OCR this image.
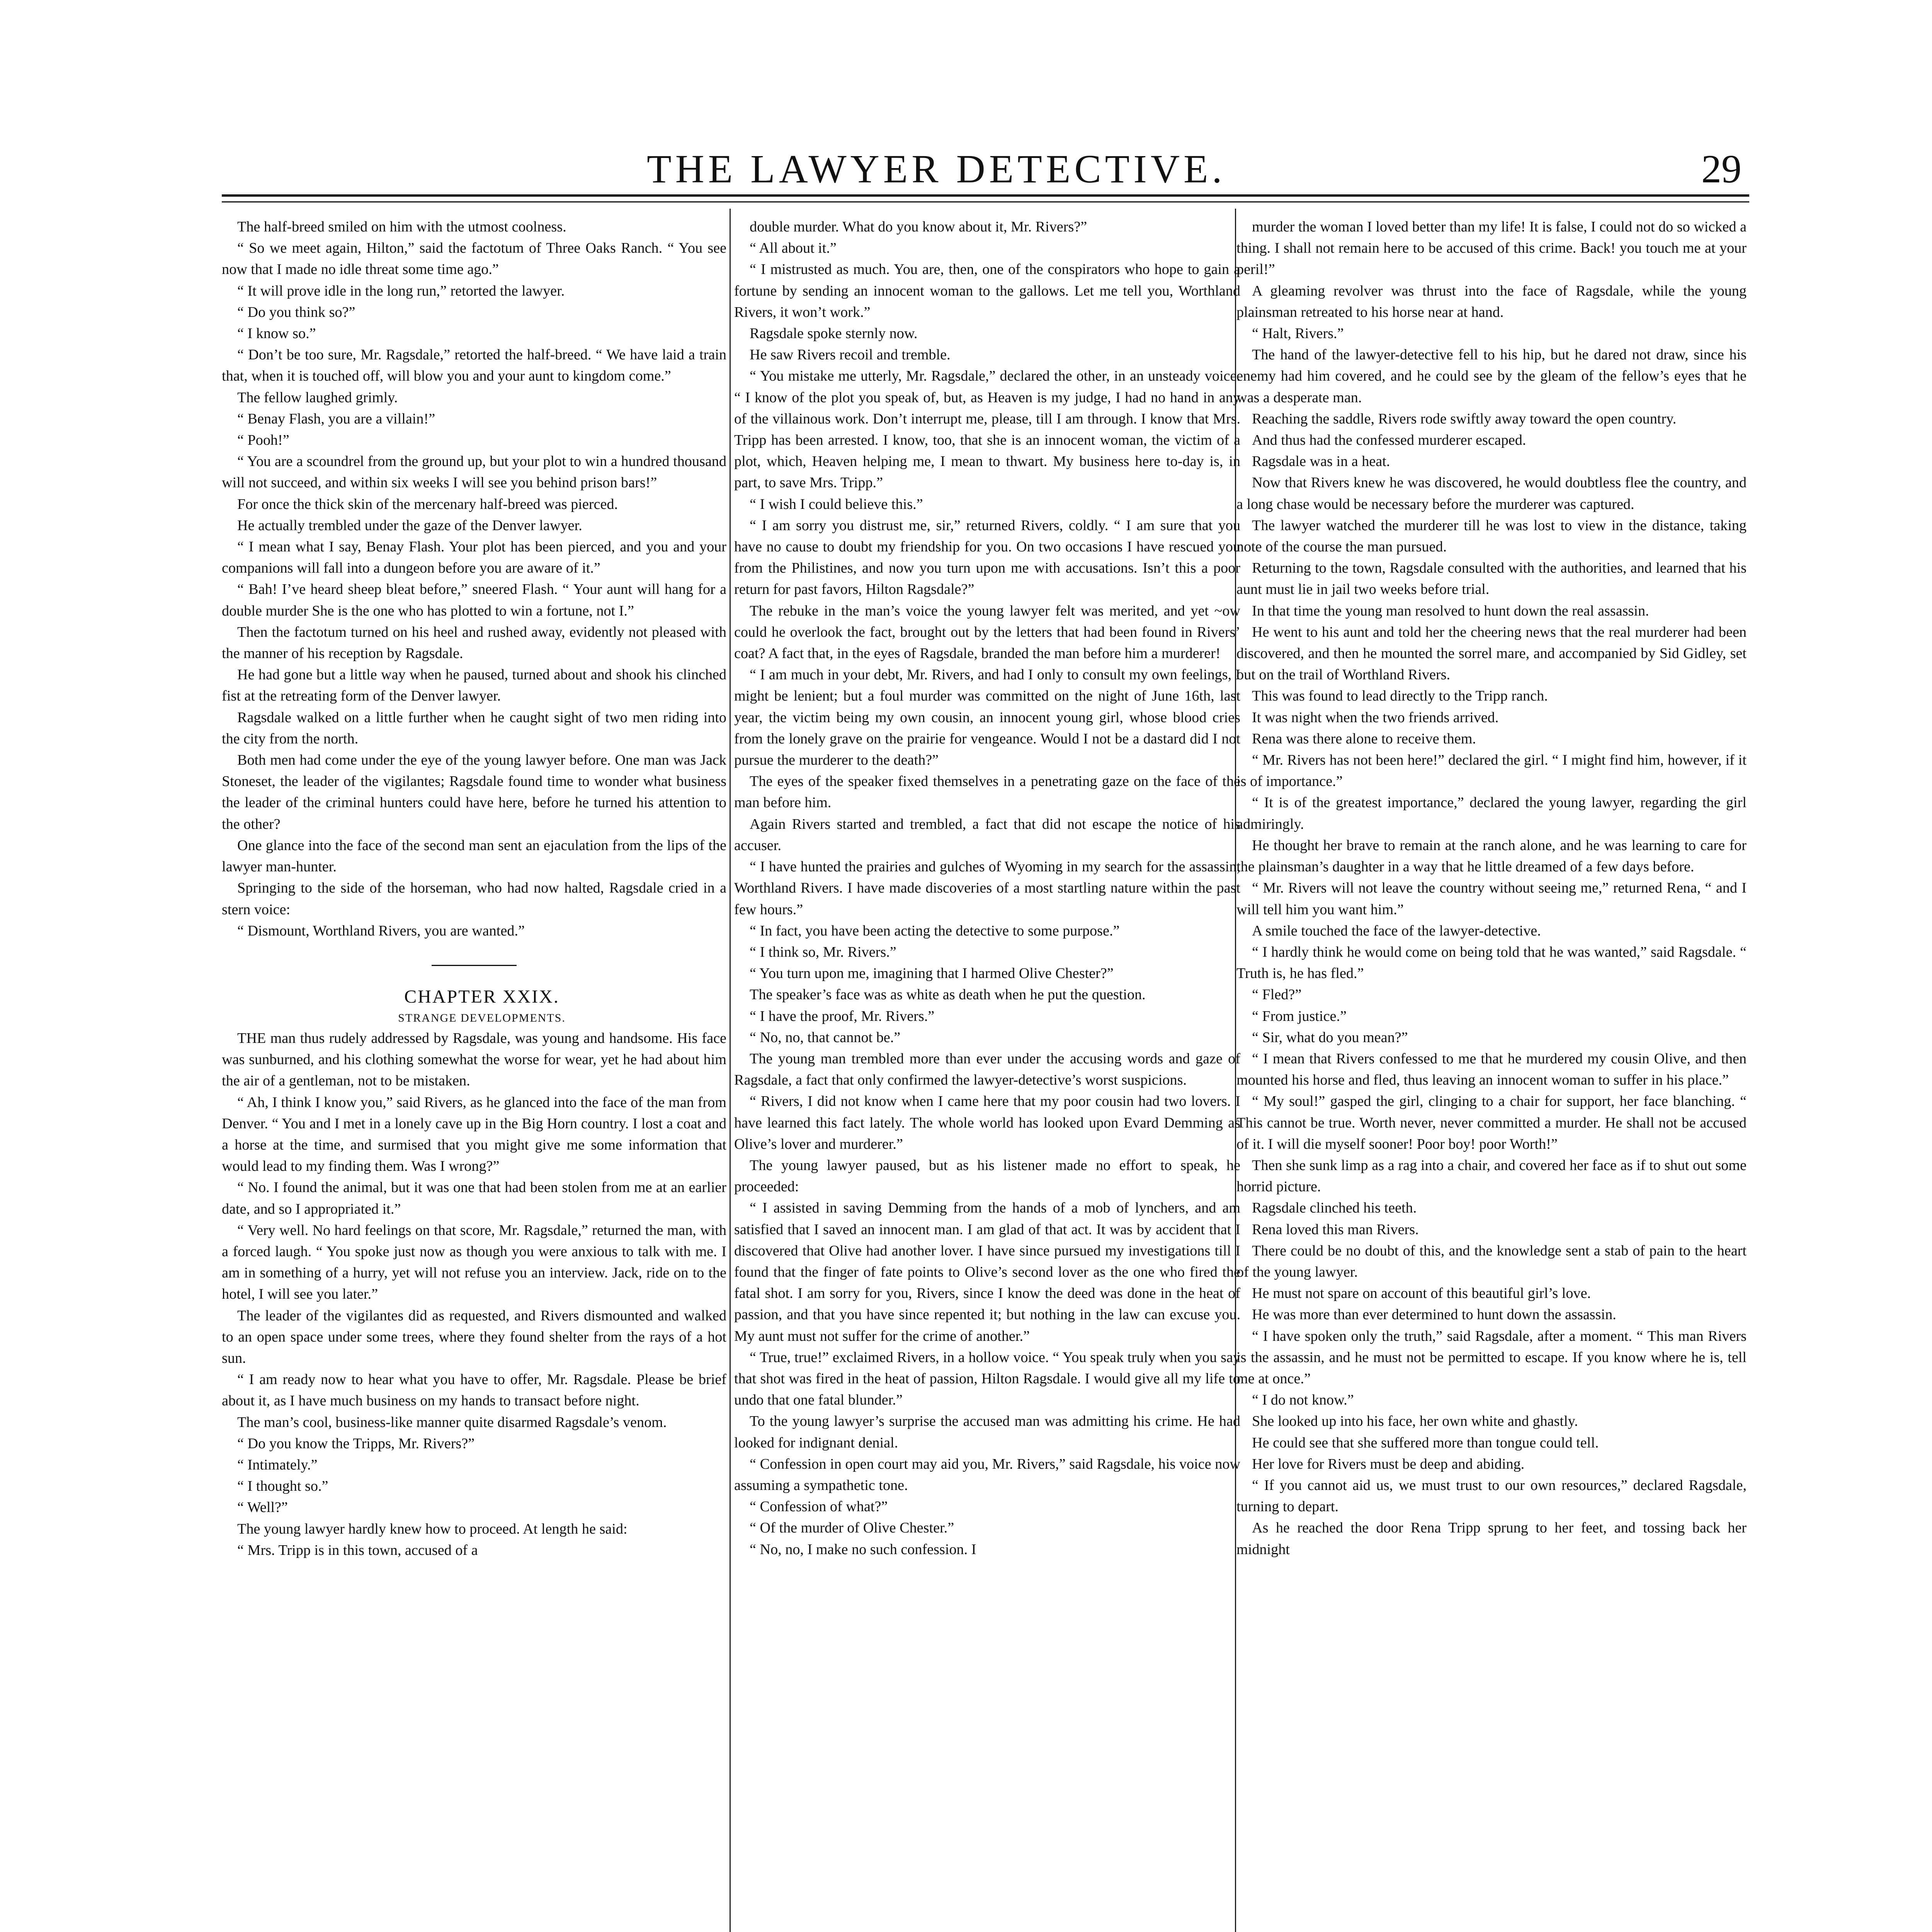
THE LAWYER DETECTIVE.	29

The half-breed smiled on him with the utmost coolness.

“ So we meet again, Hilton,” said the factotum of Three Oaks Ranch. “ You see now that I made no idle threat some time ago.”

“ It will prove idle in the long run,” retorted the lawyer.

“ Do you think so?”

“ I know so.”

“ Don’t be too sure, Mr. Ragsdale,” retorted the half-breed. “ We have laid a train that, when it is touched off, will blow you and your aunt to kingdom come.”

The fellow laughed grimly.

“ Benay Flash, you are a villain!”

“ Pooh!”

“ You are a scoundrel from the ground up, but your plot to win a hundred thousand will not succeed, and within six weeks I will see you behind prison bars!”

For once the thick skin of the mercenary half-breed was pierced.

He actually trembled under the gaze of the Denver lawyer.

“ I mean what I say, Benay Flash. Your plot has been pierced, and you and your companions will fall into a dungeon before you are aware of it.”

“ Bah! I’ve heard sheep bleat before,” sneered Flash. “ Your aunt will hang for a double murder She is the one who has plotted to win a fortune, not I.”

Then the factotum turned on his heel and rushed away, evidently not pleased with the manner of his reception by Ragsdale.

He had gone but a little way when he paused, turned about and shook his clinched fist at the retreating form of the Denver lawyer.

Ragsdale walked on a little further when he caught sight of two men riding into the city from the north.

Both men had come under the eye of the young lawyer before. One man was Jack Stoneset, the leader of the vigilantes; Ragsdale found time to wonder what business the leader of the criminal hunters could have here, before he turned his attention to the other?

One glance into the face of the second man sent an ejaculation from the lips of the lawyer man-hunter.

Springing to the side of the horseman, who had now halted, Ragsdale cried in a stern voice:

“ Dismount, Worthland Rivers, you are wanted.”

CHAPTER XXIX.

STRANGE DEVELOPMENTS.

THE man thus rudely addressed by Ragsdale, was young and handsome. His face was sunburned, and his clothing somewhat the worse for wear, yet he had about him the air of a gentleman, not to be mistaken.

“ Ah, I think I know you,” said Rivers, as he glanced into the face of the man from Denver. “ You and I met in a lonely cave up in the Big Horn country. I lost a coat and a horse at the time, and surmised that you might give me some information that would lead to my finding them. Was I wrong?”

“ No. I found the animal, but it was one that had been stolen from me at an earlier date, and so I appropriated it.”

“ Very well. No hard feelings on that score, Mr. Ragsdale,” returned the man, with a forced laugh. “ You spoke just now as though you were anxious to talk with me. I am in something of a hurry, yet will not refuse you an interview. Jack, ride on to the hotel, I will see you later.”

The leader of the vigilantes did as requested, and Rivers dismounted and walked to an open space under some trees, where they found shelter from the rays of a hot sun.

“ I am ready now to hear what you have to offer, Mr. Ragsdale. Please be brief about it, as I have much business on my hands to transact before night.

The man’s cool, business-like manner quite disarmed Ragsdale’s venom.

“ Do you know the Tripps, Mr. Rivers?”

“ Intimately.”

“ I thought so.”

“ Well?”

The young lawyer hardly knew how to proceed. At length he said:

“ Mrs. Tripp is in this town, accused of a

double murder. What do you know about it, Mr. Rivers?”

“ All about it.”

“ I mistrusted as much. You are, then, one of the conspirators who hope to gain a fortune by sending an innocent woman to the gallows. Let me tell you, Worthland Rivers, it won’t work.”

Ragsdale spoke sternly now.

He saw Rivers recoil and tremble.

“ You mistake me utterly, Mr. Ragsdale,” declared the other, in an unsteady voice. “ I know of the plot you speak of, but, as Heaven is my judge, I had no hand in any of the villainous work. Don’t interrupt me, please, till I am through. I know that Mrs. Tripp has been arrested. I know, too, that she is an innocent woman, the victim of a plot, which, Heaven helping me, I mean to thwart. My business here to-day is, in part, to save Mrs. Tripp.”

“ I wish I could believe this.”

“ I am sorry you distrust me, sir,” returned Rivers, coldly. “ I am sure that you have no cause to doubt my friendship for you. On two occasions I have rescued you from the Philistines, and now you turn upon me with accusations. Isn’t this a poor return for past favors, Hilton Ragsdale?”

The rebuke in the man’s voice the young lawyer felt was merited, and yet ~ow could he overlook the fact, brought out by the letters that had been found in Rivers’ coat? A fact that, in the eyes of Ragsdale, branded the man before him a murderer!

“ I am much in your debt, Mr. Rivers, and had I only to consult my own feelings, I might be lenient; but a foul murder was committed on the night of June 16th, last year, the victim being my own cousin, an innocent young girl, whose blood cries from the lonely grave on the prairie for vengeance. Would I not be a dastard did I not pursue the murderer to the death?”

The eyes of the speaker fixed themselves in a penetrating gaze on the face of the man before him.

Again Rivers started and trembled, a fact that did not escape the notice of his accuser.

“ I have hunted the prairies and gulches of Wyoming in my search for the assassin, Worthland Rivers. I have made discoveries of a most startling nature within the past few hours.”

“ In fact, you have been acting the detective to some purpose.”

“ I think so, Mr. Rivers.”

“ You turn upon me, imagining that I harmed Olive Chester?”

The speaker’s face was as white as death when he put the question.

“ I have the proof, Mr. Rivers.”

“ No, no, that cannot be.”

The young man trembled more than ever under the accusing words and gaze of Ragsdale, a fact that only confirmed the lawyer-detective’s worst suspicions.

“ Rivers, I did not know when I came here that my poor cousin had two lovers. I have learned this fact lately. The whole world has looked upon Evard Demming as Olive’s lover and murderer.”

The young lawyer paused, but as his listener made no effort to speak, he proceeded:

“ I assisted in saving Demming from the hands of a mob of lynchers, and am satisfied that I saved an innocent man. I am glad of that act. It was by accident that I discovered that Olive had another lover. I have since pursued my investigations till I found that the finger of fate points to Olive’s second lover as the one who fired the fatal shot. I am sorry for you, Rivers, since I know the deed was done in the heat of passion, and that you have since repented it; but nothing in the law can excuse you. My aunt must not suffer for the crime of another.”

“ True, true!” exclaimed Rivers, in a hollow voice. “ You speak truly when you say that shot was fired in the heat of passion, Hilton Ragsdale. I would give all my life to undo that one fatal blunder.”

To the young lawyer’s surprise the accused man was admitting his crime. He had looked for indignant denial.

“ Confession in open court may aid you, Mr. Rivers,” said Ragsdale, his voice now assuming a sympathetic tone.

“ Confession of what?”

“ Of the murder of Olive Chester.”

“ No, no, I make no such confession. I

murder the woman I loved better than my life! It is false, I could not do so wicked a thing. I shall not remain here to be accused of this crime. Back! you touch me at your peril!”

A gleaming revolver was thrust into the face of Ragsdale, while the young plainsman retreated to his horse near at hand.

“ Halt, Rivers.”

The hand of the lawyer-detective fell to his hip, but he dared not draw, since his enemy had him covered, and he could see by the gleam of the fellow’s eyes that he was a desperate man.

Reaching the saddle, Rivers rode swiftly away toward the open country.

And thus had the confessed murderer escaped.

Ragsdale was in a heat.

Now that Rivers knew he was discovered, he would doubtless flee the country, and a long chase would be necessary before the murderer was captured.

The lawyer watched the murderer till he was lost to view in the distance, taking note of the course the man pursued.

Returning to the town, Ragsdale consulted with the authorities, and learned that his aunt must lie in jail two weeks before trial.

In that time the young man resolved to hunt down the real assassin.

He went to his aunt and told her the cheering news that the real murderer had been discovered, and then he mounted the sorrel mare, and accompanied by Sid Gidley, set out on the trail of Worthland Rivers.

This was found to lead directly to the Tripp ranch.

It was night when the two friends arrived.

Rena was there alone to receive them.

“ Mr. Rivers has not been here!” declared the girl. “ I might find him, however, if it is of importance.”

“ It is of the greatest importance,” declared the young lawyer, regarding the girl admiringly.

He thought her brave to remain at the ranch alone, and he was learning to care for the plainsman’s daughter in a way that he little dreamed of a few days before.

“ Mr. Rivers will not leave the country without seeing me,” returned Rena, “ and I will tell him you want him.”

A smile touched the face of the lawyer-detective.

“ I hardly think he would come on being told that he was wanted,” said Ragsdale. “ Truth is, he has fled.”

“ Fled?”

“ From justice.”

“ Sir, what do you mean?”

“ I mean that Rivers confessed to me that he murdered my cousin Olive, and then mounted his horse and fled, thus leaving an innocent woman to suffer in his place.”

“ My soul!” gasped the girl, clinging to a chair for support, her face blanching. “ This cannot be true. Worth never, never committed a murder. He shall not be accused of it. I will die myself sooner! Poor boy! poor Worth!”

Then she sunk limp as a rag into a chair, and covered her face as if to shut out some horrid picture.

Ragsdale clinched his teeth.

Rena loved this man Rivers.

There could be no doubt of this, and the knowledge sent a stab of pain to the heart of the young lawyer.

He must not spare on account of this beautiful girl’s love.

He was more than ever determined to hunt down the assassin.

“ I have spoken only the truth,” said Ragsdale, after a moment. “ This man Rivers is the assassin, and he must not be permitted to escape. If you know where he is, tell me at once.”

“ I do not know.”

She looked up into his face, her own white and ghastly.

He could see that she suffered more than tongue could tell.

Her love for Rivers must be deep and abiding.

“ If you cannot aid us, we must trust to our own resources,” declared Ragsdale, turning to depart.

As he reached the door Rena Tripp sprung to her feet, and tossing back her midnight
